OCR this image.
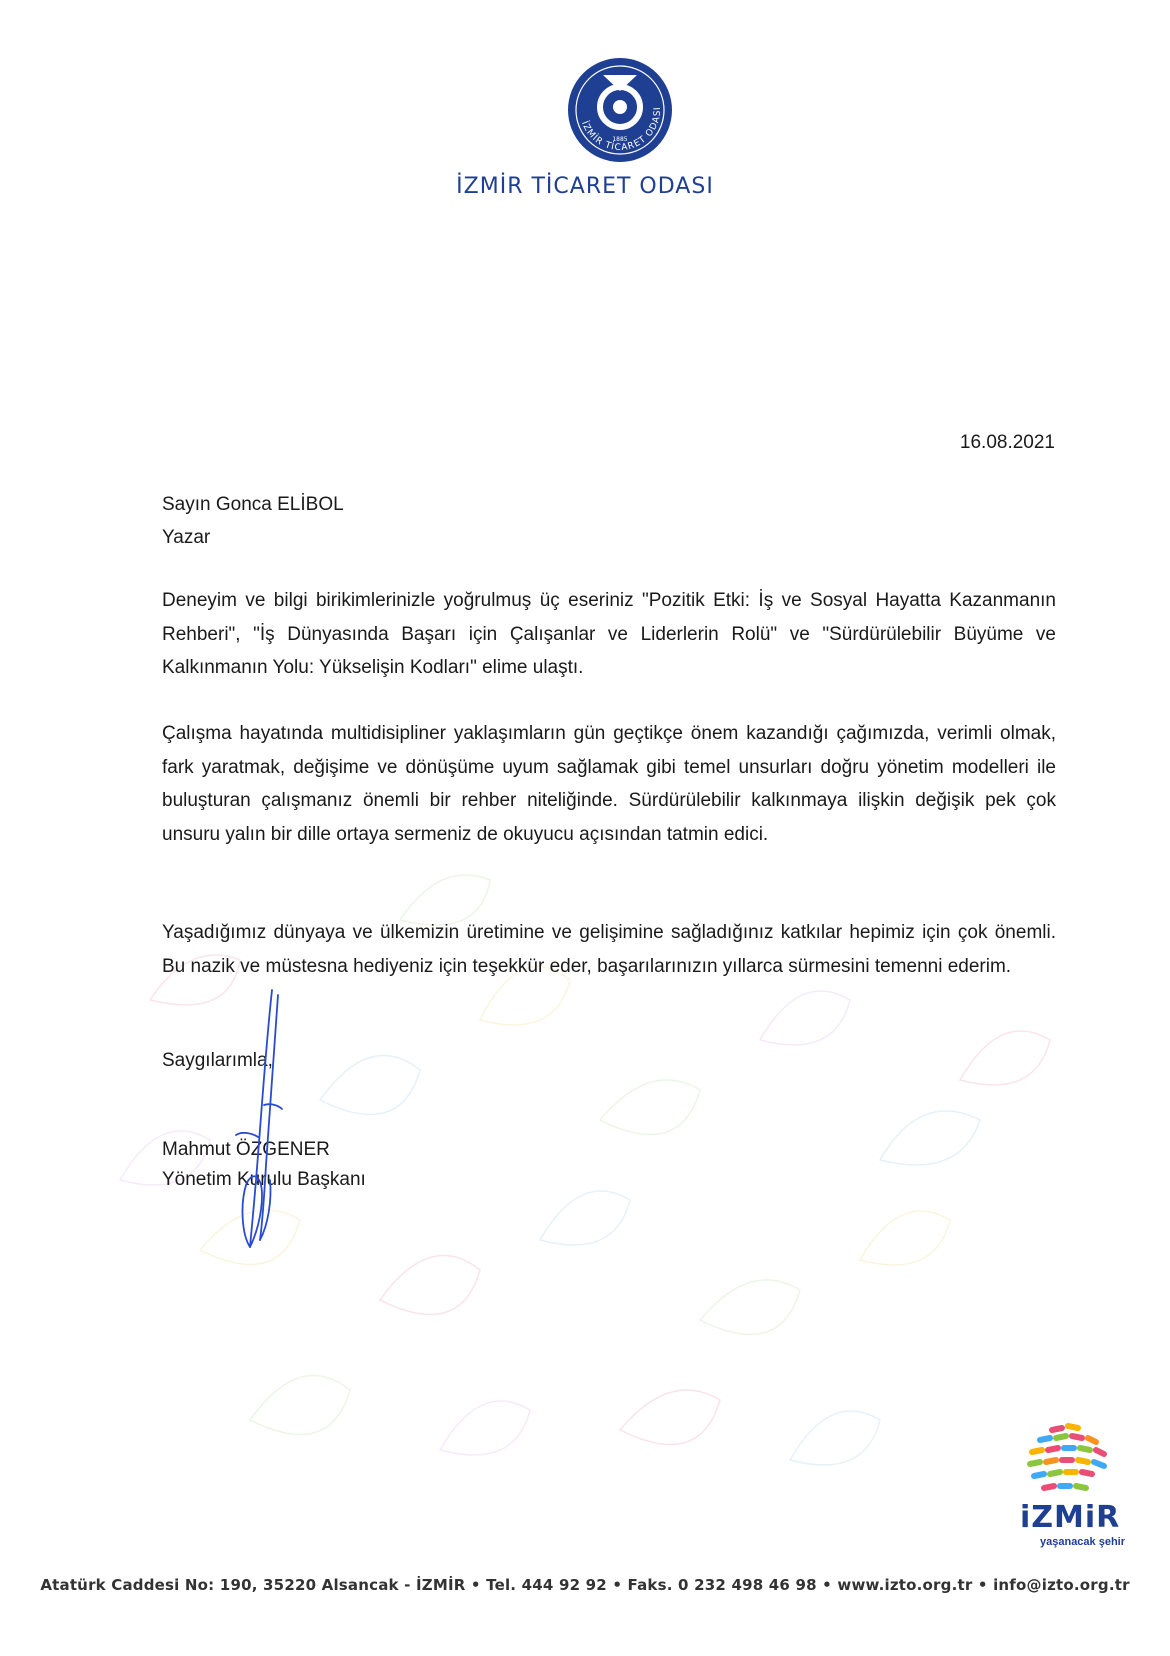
İZMİR TİCARET ODASI
1885
İZMİR TİCARET ODASI
16.08.2021
Sayın Gonca ELİBOL
Yazar

Deneyim ve bilgi birikimlerinizle yoğrulmuş üç eseriniz "Pozitik Etki: İş ve Sosyal Hayatta Kazanmanın Rehberi", "İş Dünyasında Başarı için Çalışanlar ve Liderlerin Rolü" ve "Sürdürülebilir Büyüme ve Kalkınmanın Yolu: Yükselişin Kodları" elime ulaştı.

Çalışma hayatında multidisipliner yaklaşımların gün geçtikçe önem kazandığı çağımızda, verimli olmak, fark yaratmak, değişime ve dönüşüme uyum sağlamak gibi temel unsurları doğru yönetim modelleri ile buluşturan çalışmanız önemli bir rehber niteliğinde. Sürdürülebilir kalkınmaya ilişkin değişik pek çok unsuru yalın bir dille ortaya sermeniz de okuyucu açısından tatmin edici.

Yaşadığımız dünyaya ve ülkemizin üretimine ve gelişimine sağladığınız katkılar hepimiz için çok önemli. Bu nazik ve müstesna hediyeniz için teşekkür eder, başarılarınızın yıllarca sürmesini temenni ederim.

Saygılarımla,
Mahmut ÖZGENER
Yönetim Kurulu Başkanı
iZMiR
yaşanacak şehir
Atatürk Caddesi No: 190, 35220 Alsancak - İZMİR • Tel. 444 92 92 • Faks. 0 232 498 46 98 • www.izto.org.tr • info@izto.org.tr
